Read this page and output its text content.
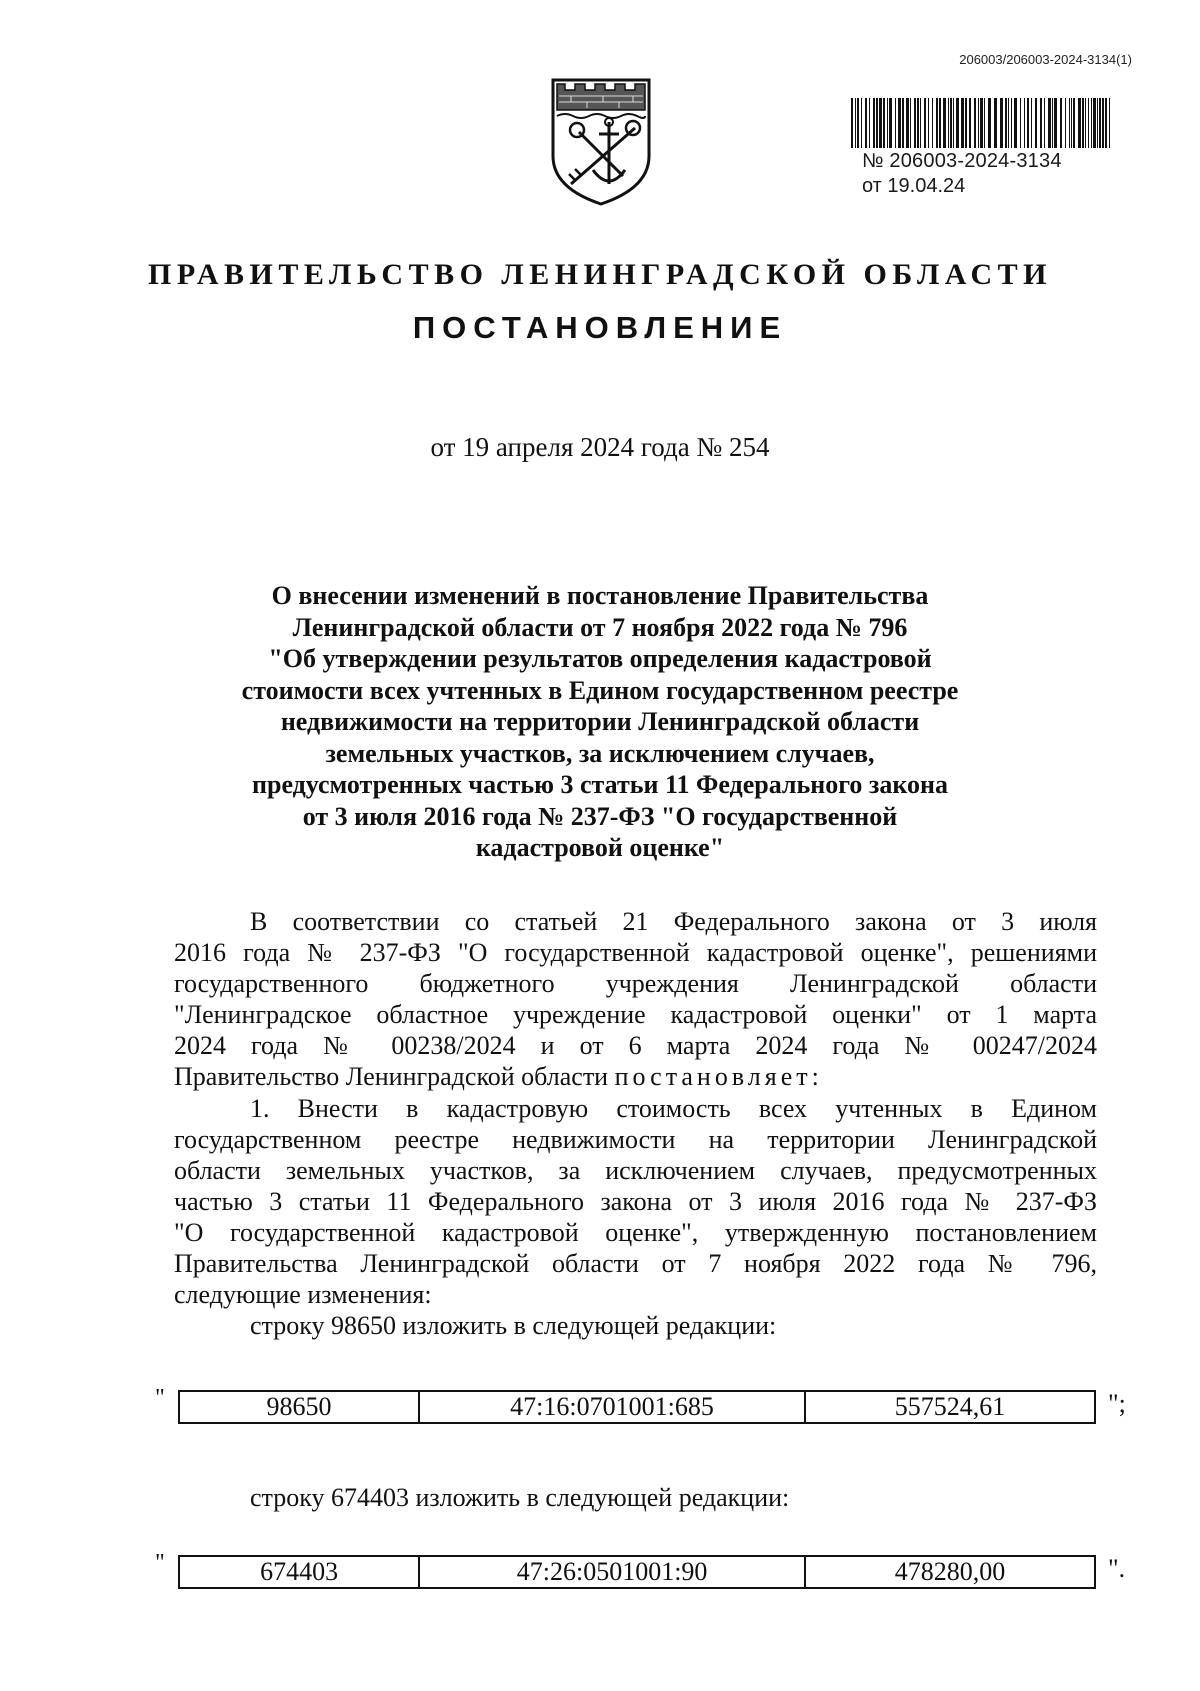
206003/206003-2024-3134(1)
№ 206003-2024-3134
от 19.04.24
ПРАВИТЕЛЬСТВО ЛЕНИНГРАДСКОЙ ОБЛАСТИ
ПОСТАНОВЛЕНИЕ
от 19 апреля 2024 года № 254
О внесении изменений в постановление Правительства
Ленинградской области от 7 ноября 2022 года № 796
"Об утверждении результатов определения кадастровой
стоимости всех учтенных в Едином государственном реестре
недвижимости на территории Ленинградской области
земельных участков, за исключением случаев,
предусмотренных частью 3 статьи 11 Федерального закона
от 3 июля 2016 года № 237-ФЗ "О государственной
кадастровой оценке"
В соответствии со статьей 21 Федерального закона от 3 июля
2016 года № 237-ФЗ "О государственной кадастровой оценке", решениями
государственного бюджетного учреждения Ленинградской области
"Ленинградское областное учреждение кадастровой оценки" от 1 марта
2024 года № 00238/2024 и от 6 марта 2024 года № 00247/2024
Правительство Ленинградской области постановляет:
1. Внести в кадастровую стоимость всех учтенных в Едином
государственном реестре недвижимости на территории Ленинградской
области земельных участков, за исключением случаев, предусмотренных
частью 3 статьи 11 Федерального закона от 3 июля 2016 года № 237-ФЗ
"О государственной кадастровой оценке", утвержденную постановлением
Правительства Ленинградской области от 7 ноября 2022 года № 796,
следующие изменения:
строку 98650 изложить в следующей редакции:
"	98650	47:16:0701001:685	557524,61	";
строку 674403 изложить в следующей редакции:
"	674403	47:26:0501001:90	478280,00	".
